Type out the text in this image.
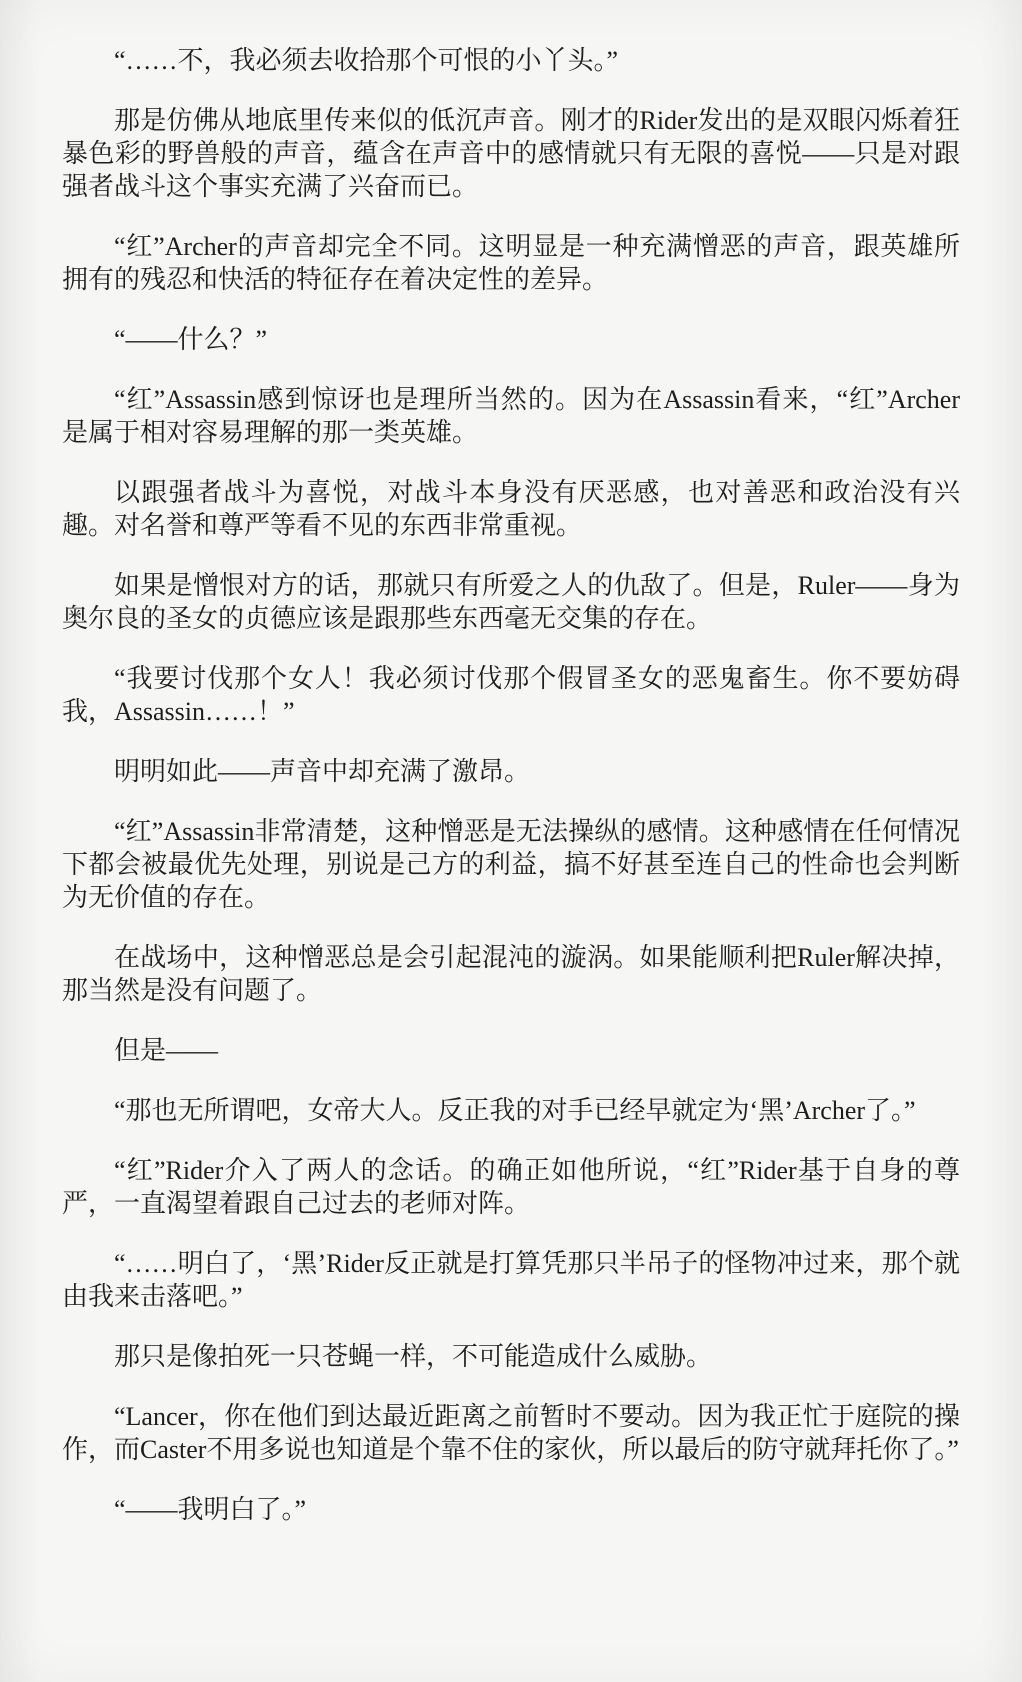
“……不，我必须去收拾那个可恨的小丫头。”

那是仿佛从地底里传来似的低沉声音。刚才的Rider发出的是双眼闪烁着狂暴色彩的野兽般的声音，蕴含在声音中的感情就只有无限的喜悦——只是对跟强者战斗这个事实充满了兴奋而已。

“红”Archer的声音却完全不同。这明显是一种充满憎恶的声音，跟英雄所拥有的残忍和快活的特征存在着决定性的差异。

“——什么？”

“红”Assassin感到惊讶也是理所当然的。因为在Assassin看来，“红”Archer是属于相对容易理解的那一类英雄。

以跟强者战斗为喜悦，对战斗本身没有厌恶感，也对善恶和政治没有兴趣。对名誉和尊严等看不见的东西非常重视。

如果是憎恨对方的话，那就只有所爱之人的仇敌了。但是，Ruler——身为奥尔良的圣女的贞德应该是跟那些东西毫无交集的存在。

“我要讨伐那个女人！我必须讨伐那个假冒圣女的恶鬼畜生。你不要妨碍我，Assassin……！”

明明如此——声音中却充满了激昂。

“红”Assassin非常清楚，这种憎恶是无法操纵的感情。这种感情在任何情况下都会被最优先处理，别说是己方的利益，搞不好甚至连自己的性命也会判断为无价值的存在。

在战场中，这种憎恶总是会引起混沌的漩涡。如果能顺利把Ruler解决掉，那当然是没有问题了。

但是——

“那也无所谓吧，女帝大人。反正我的对手已经早就定为‘黑’Archer了。”

“红”Rider介入了两人的念话。的确正如他所说，“红”Rider基于自身的尊严，一直渴望着跟自己过去的老师对阵。

“……明白了，‘黑’Rider反正就是打算凭那只半吊子的怪物冲过来，那个就由我来击落吧。”

那只是像拍死一只苍蝇一样，不可能造成什么威胁。

“Lancer，你在他们到达最近距离之前暂时不要动。因为我正忙于庭院的操作，而Caster不用多说也知道是个靠不住的家伙，所以最后的防守就拜托你了。”

“——我明白了。”
